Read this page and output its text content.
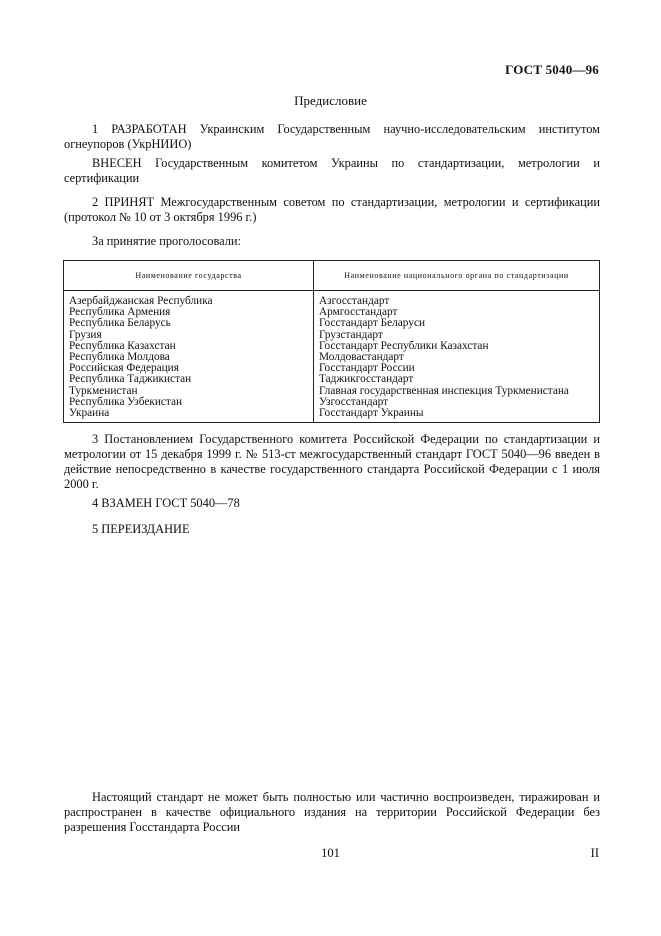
ГОСТ 5040—96
Предисловие
1 РАЗРАБОТАН Украинским Государственным научно-исследовательским институтом огнеупоров (УкрНИИО)
ВНЕСЕН Государственным комитетом Украины по стандартизации, метрологии и сертификации
2 ПРИНЯТ Межгосударственным советом по стандартизации, метрологии и сертификации (протокол № 10 от 3 октября 1996 г.)
За принятие проголосовали:
Наименование государства	Наименование национального органа по стандартизации
Азербайджанская Республика	Азгосстандарт
Республика Армения	Армгосстандарт
Республика Беларусь	Госстандарт Беларуси
Грузия	Грузстандарт
Республика Казахстан	Госстандарт Республики Казахстан
Республика Молдова	Молдовастандарт
Российская Федерация	Госстандарт России
Республика Таджикистан	Таджикгосстандарт
Туркменистан	Главная государственная инспекция Туркменистана
Республика Узбекистан	Узгосстандарт
Украина	Госстандарт Украины
3 Постановлением Государственного комитета Российской Федерации по стандартизации и метрологии от 15 декабря 1999 г. № 513-ст межгосударственный стандарт ГОСТ 5040—96 введен в действие непосредственно в качестве государственного стандарта Российской Федерации с 1 июля 2000 г.
4 ВЗАМЕН ГОСТ 5040—78
5 ПЕРЕИЗДАНИЕ
Настоящий стандарт не может быть полностью или частично воспроизведен, тиражирован и распространен в качестве официального издания на территории Российской Федерации без разрешения Госстандарта России
101	II
